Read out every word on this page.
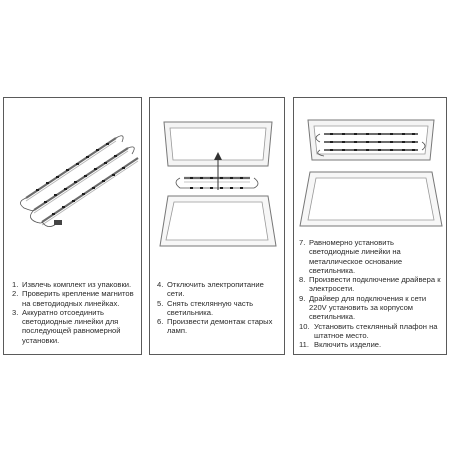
1. Извлечь комплект из упаковки.
2. Проверить крепление магнитов на светодиодных линейках.
3. Аккуратно отсоединить светодиодные линейки для последующей равномерной установки.
4. Отключить электропитание сети.
5. Снять стеклянную часть светильника.
6. Произвести демонтаж старых ламп.
7. Равномерно установить светодиодные линейки на металлическое основание светильника.
8. Произвести подключение драйвера к электросети.
9. Драйвер для подключения к сети 220V установить за корпусом светильника.
10. Установить стеклянный плафон на штатное место.
11. Включить изделие.
